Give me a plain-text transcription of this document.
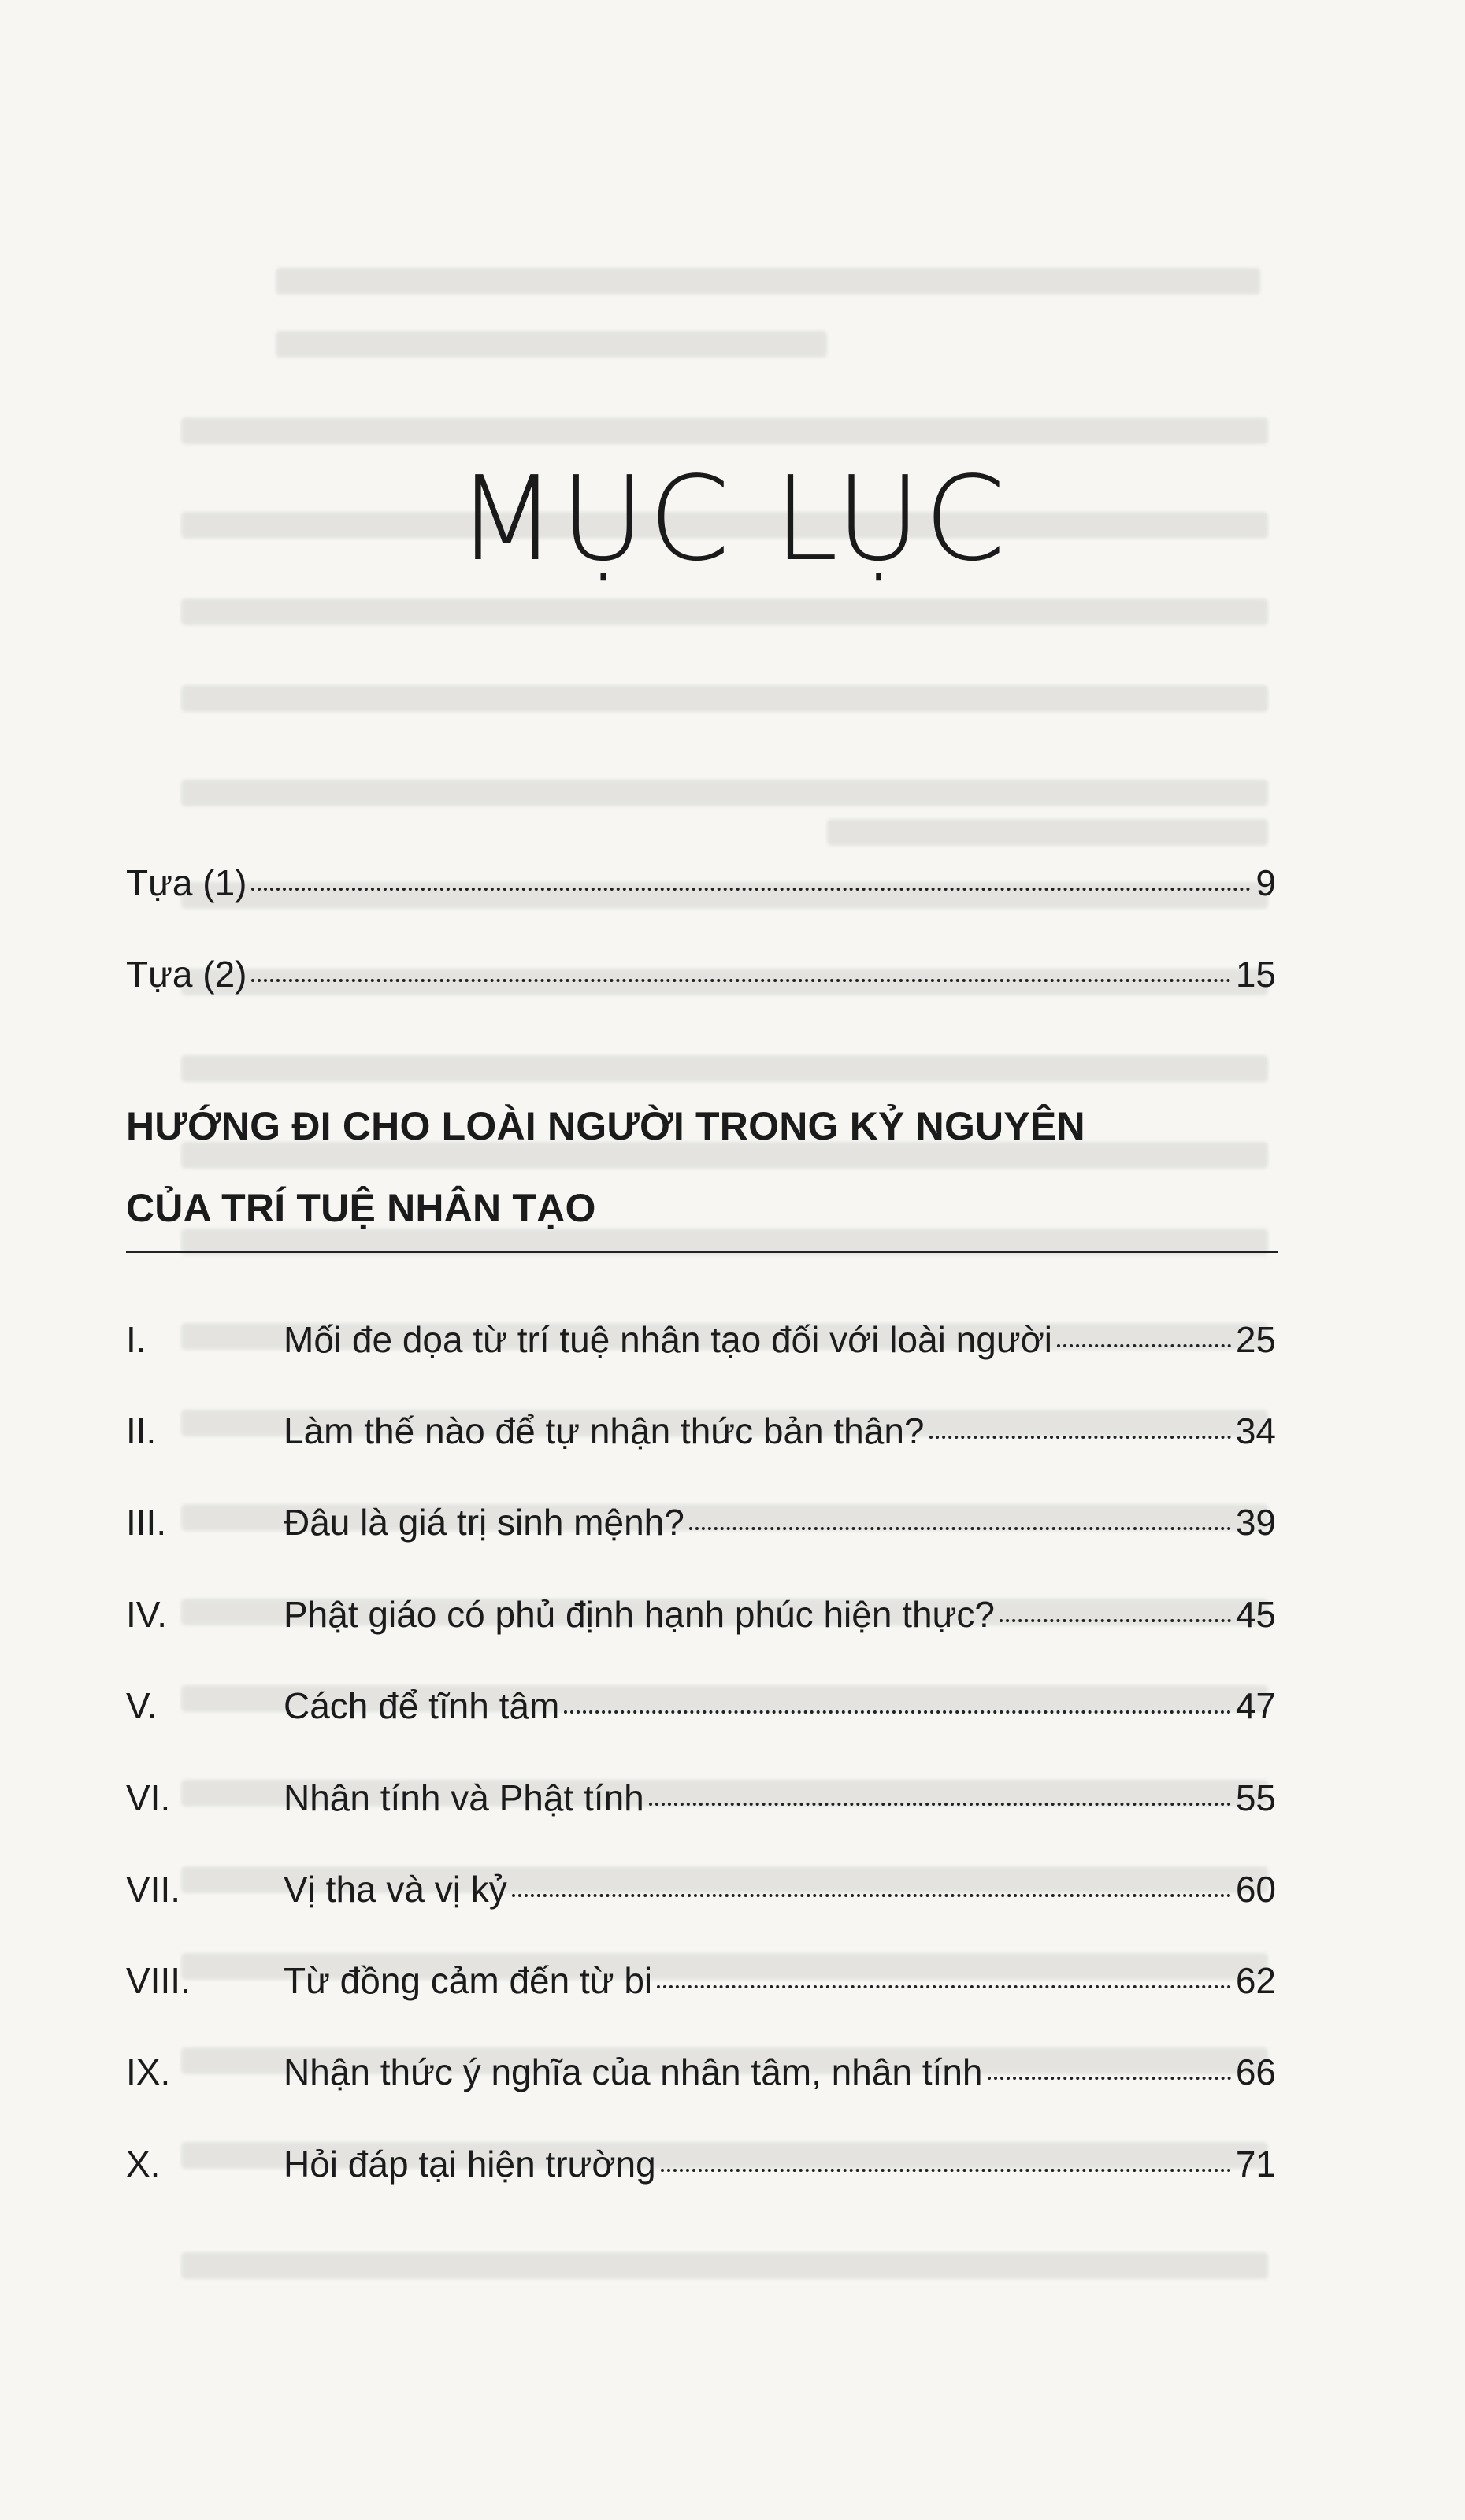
MỤC LỤC
Tựa (1)	9
Tựa (2)	15
HƯỚNG ĐI CHO LOÀI NGƯỜI TRONG KỶ NGUYÊN
CỦA TRÍ TUỆ NHÂN TẠO
I.	Mối đe dọa từ trí tuệ nhân tạo đối với loài người	25
II.	Làm thế nào để tự nhận thức bản thân?	34
III.	Đâu là giá trị sinh mệnh?	39
IV.	Phật giáo có phủ định hạnh phúc hiện thực?	45
V.	Cách để tĩnh tâm	47
VI.	Nhân tính và Phật tính	55
VII.	Vị tha và vị kỷ	60
VIII.	Từ đồng cảm đến từ bi	62
IX.	Nhận thức ý nghĩa của nhân tâm, nhân tính	66
X.	Hỏi đáp tại hiện trường	71
